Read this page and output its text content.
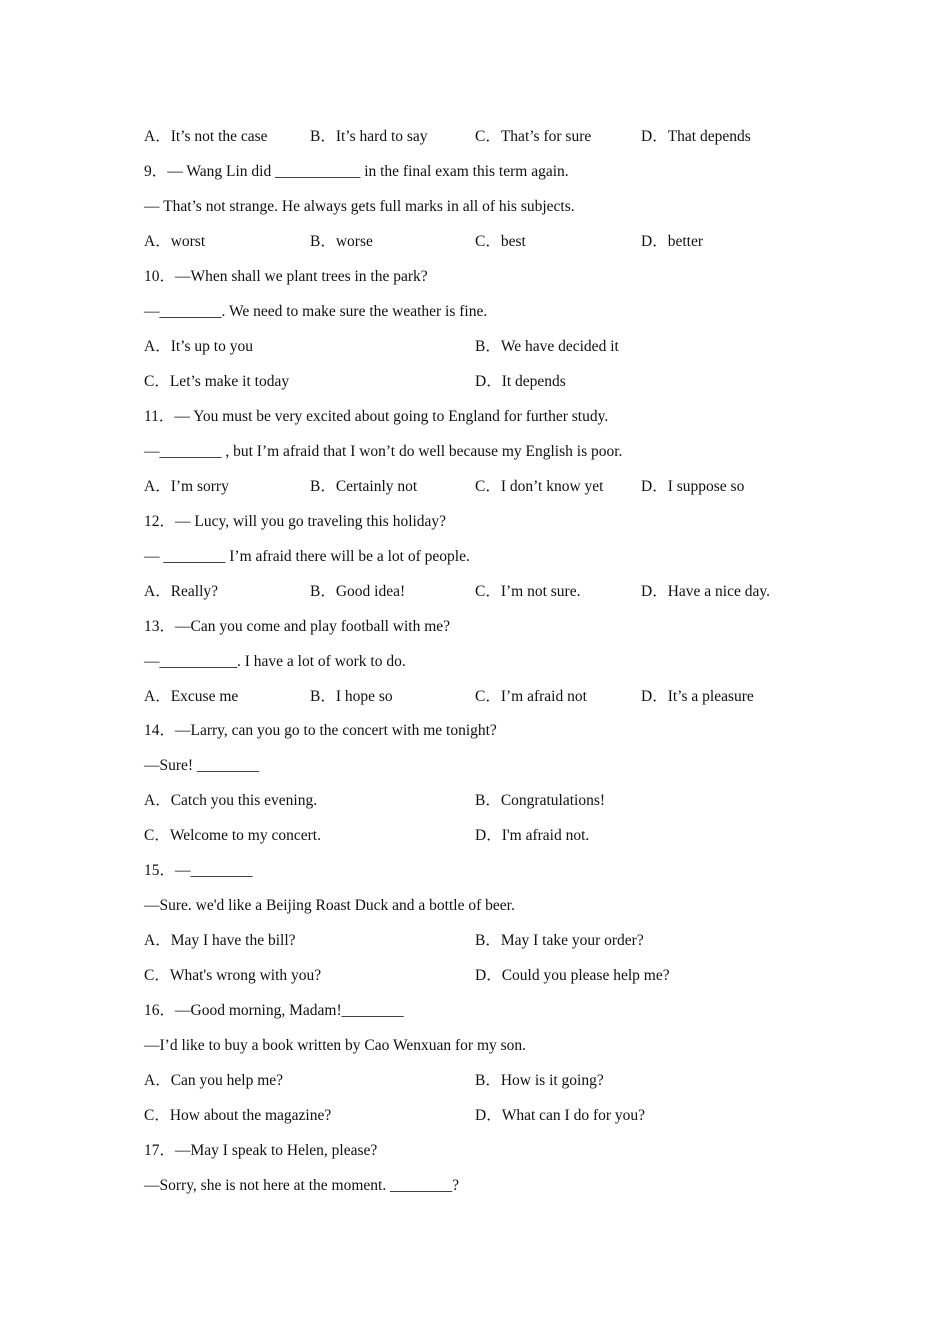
A．It’s not the case

	B．It’s hard to say

	C．That’s for sure

	D．That depends

9．— Wang Lin did ___________ in the final exam this term again.
— That’s not strange. He always gets full marks in all of his subjects.

A．worst

	B．worse

	C．best

	D．better

10．—When shall we plant trees in the park?
—________. We need to make sure the weather is fine.

A．It’s up to you

	B．We have decided it

C．Let’s make it today

	D．It depends

11．— You must be very excited about going to England for further study.
—________ , but I’m afraid that I won’t do well because my English is poor.

A．I’m sorry

	B．Certainly not

	C．I don’t know yet

D．I suppose so

12．— Lucy, will you go traveling this holiday?
— ________ I’m afraid there will be a lot of people.

A．Really?

	B．Good idea!

	C．I’m not sure.

	D．Have a nice day.

13．—Can you come and play football with me?
—__________. I have a lot of work to do.

A．Excuse me

	B．I hope so

	C．I’m afraid not

	D．It’s a pleasure

14．—Larry, can you go to the concert with me tonight?
—Sure! ________

A．Catch you this evening.

	B．Congratulations!

C．Welcome to my concert.

	D．I'm afraid not.

15．—________
—Sure. we'd like a Beijing Roast Duck and a bottle of beer.

A．May I have the bill?

	B．May I take your order?

C．What's wrong with you?

	D．Could you please help me?

16．—Good morning, Madam!________
—I’d like to buy a book written by Cao Wenxuan for my son.

A．Can you help me?

	B．How is it going?

C．How about the magazine?

	D．What can I do for you?

17．—May I speak to Helen, please?
—Sorry, she is not here at the moment. ________?
